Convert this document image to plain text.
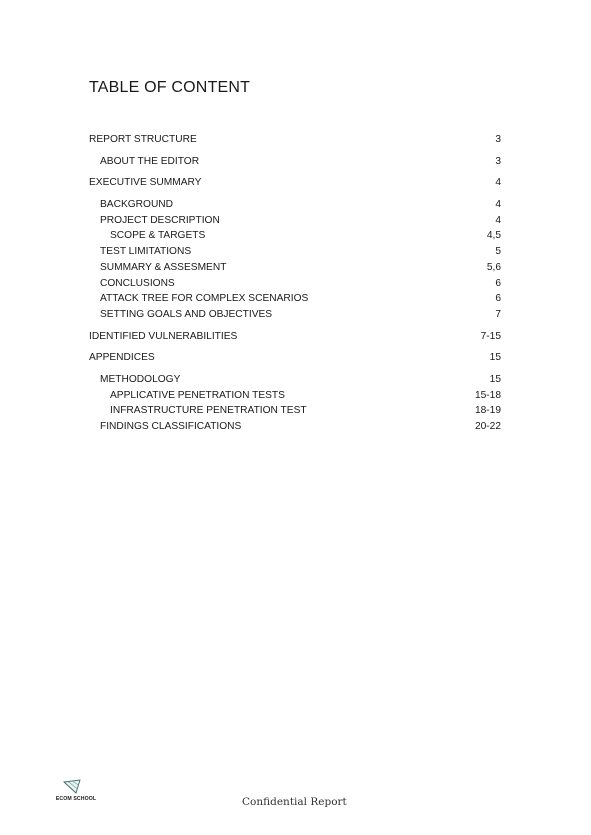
TABLE OF CONTENT
REPORT STRUCTURE	3
ABOUT THE EDITOR	3
EXECUTIVE SUMMARY	4
BACKGROUND	4
PROJECT DESCRIPTION	4
SCOPE & TARGETS	4,5
TEST LIMITATIONS	5
SUMMARY & ASSESMENT	5,6
CONCLUSIONS	6
ATTACK TREE FOR COMPLEX SCENARIOS	6
SETTING GOALS AND OBJECTIVES	7
IDENTIFIED VULNERABILITIES	7-15
APPENDICES	15
METHODOLOGY	15
APPLICATIVE PENETRATION TESTS	15-18
INFRASTRUCTURE PENETRATION TEST	18-19
FINDINGS CLASSIFICATIONS	20-22
ECOM SCHOOL	Confidential Report
